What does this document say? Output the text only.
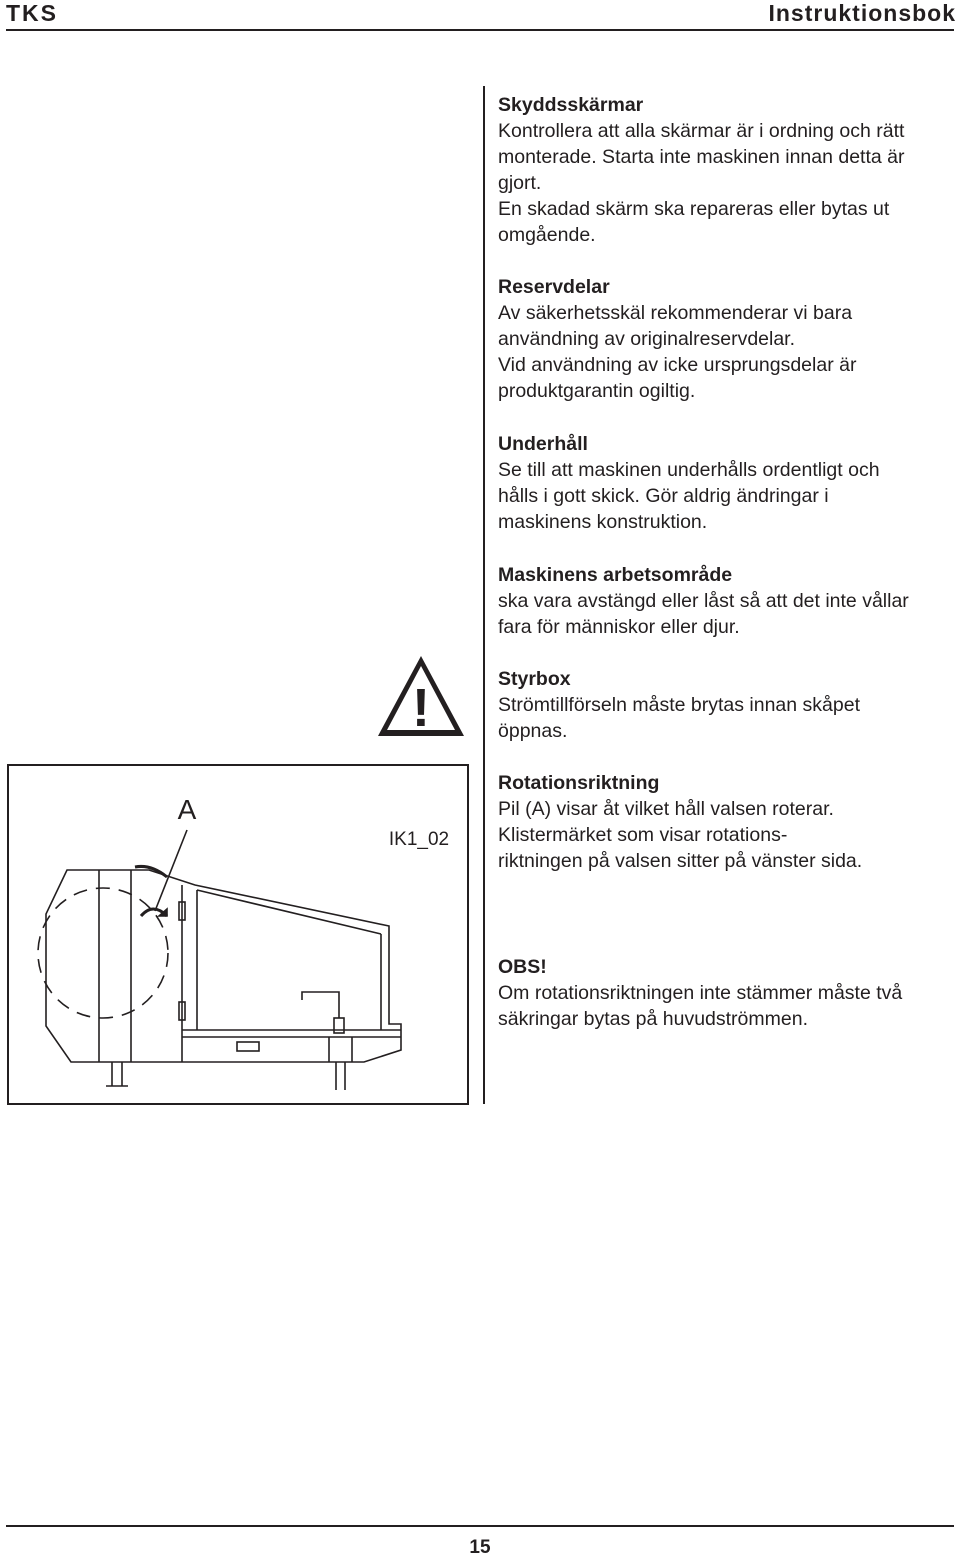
TKS	Instruktionsbok
Skyddsskärmar
Kontrollera att alla skärmar är i ordning och rätt
monterade. Starta inte maskinen innan detta är
gjort.
En skadad skärm ska repareras eller bytas ut
omgående.
Reservdelar
Av säkerhetsskäl rekommenderar vi bara
användning av originalreservdelar.
Vid användning av icke ursprungsdelar är
produktgarantin ogiltig.
Underhåll
Se till att maskinen underhålls ordentligt och
hålls i gott skick. Gör aldrig ändringar i
maskinens konstruktion.
Maskinens arbetsområde
ska vara avstängd eller låst så att det inte vållar
fara för människor eller djur.
Styrbox
Strömtillförseln måste brytas innan skåpet
öppnas.
Rotationsriktning
Pil (A) visar åt vilket håll valsen roterar.
Klistermärket som visar rotations-
riktningen på valsen sitter på vänster sida.
OBS!
Om rotationsriktningen inte stämmer måste två
säkringar bytas på huvudströmmen.
!
A
IK1_02
15
